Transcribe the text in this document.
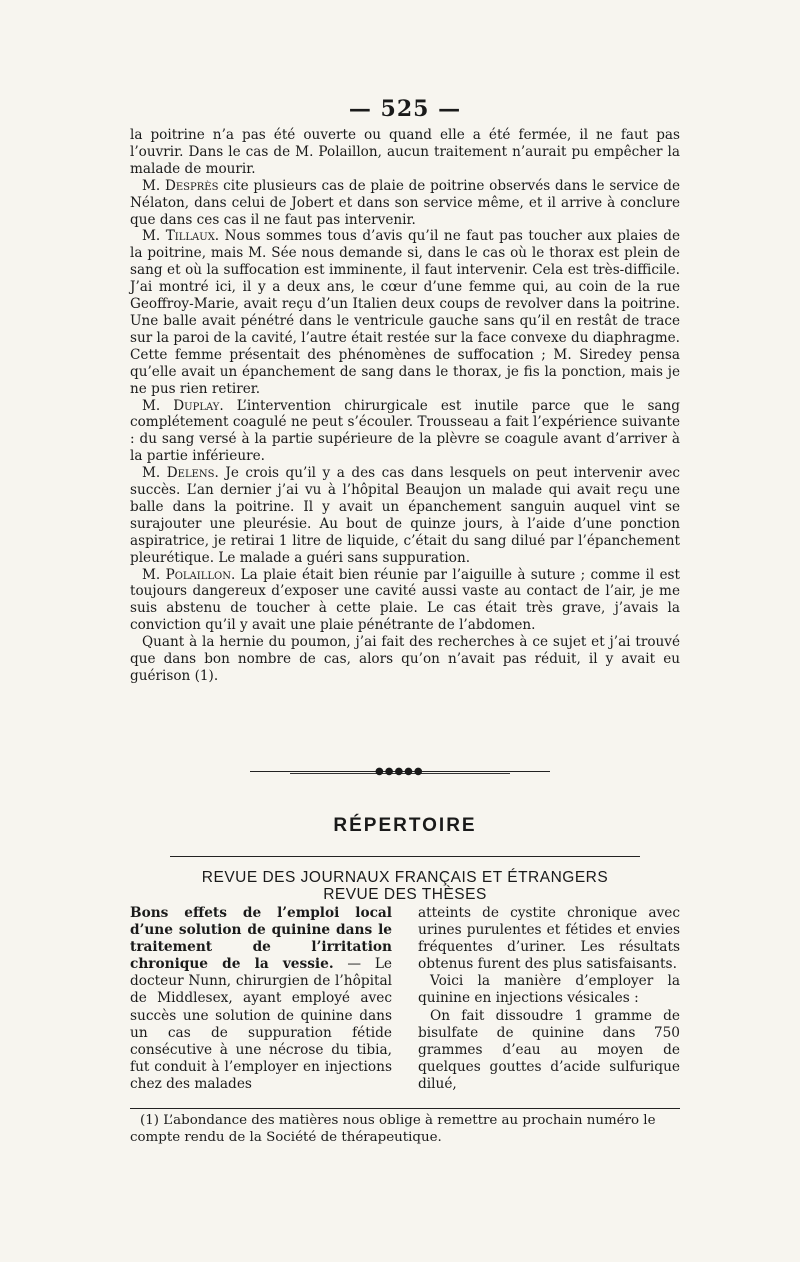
— 525 —

la poitrine n’a pas été ouverte ou quand elle a été fermée, il ne faut pas l’ouvrir. Dans le cas de M. Polaillon, aucun traitement n’aurait pu empêcher la malade de mourir.

M. Desprès cite plusieurs cas de plaie de poitrine observés dans le service de Nélaton, dans celui de Jobert et dans son service même, et il arrive à conclure que dans ces cas il ne faut pas intervenir.

M. Tillaux. Nous sommes tous d’avis qu’il ne faut pas toucher aux plaies de la poitrine, mais M. Sée nous demande si, dans le cas où le thorax est plein de sang et où la suffocation est imminente, il faut intervenir. Cela est très-difficile. J’ai montré ici, il y a deux ans, le cœur d’une femme qui, au coin de la rue Geoffroy-Marie, avait reçu d’un Italien deux coups de revolver dans la poitrine. Une balle avait pénétré dans le ventricule gauche sans qu’il en restât de trace sur la paroi de la cavité, l’autre était restée sur la face convexe du diaphragme. Cette femme présentait des phénomènes de suffocation ; M. Siredey pensa qu’elle avait un épanchement de sang dans le thorax, je fis la ponction, mais je ne pus rien retirer.

M. Duplay. L’intervention chirurgicale est inutile parce que le sang complétement coagulé ne peut s’écouler. Trousseau a fait l’expérience suivante : du sang versé à la partie supérieure de la plèvre se coagule avant d’arriver à la partie inférieure.

M. Delens. Je crois qu’il y a des cas dans lesquels on peut intervenir avec succès. L’an dernier j’ai vu à l’hôpital Beaujon un malade qui avait reçu une balle dans la poitrine. Il y avait un épanchement sanguin auquel vint se surajouter une pleurésie. Au bout de quinze jours, à l’aide d’une ponction aspiratrice, je retirai 1 litre de liquide, c’était du sang dilué par l’épanchement pleurétique. Le malade a guéri sans suppuration.

M. Polaillon. La plaie était bien réunie par l’aiguille à suture ; comme il est toujours dangereux d’exposer une cavité aussi vaste au contact de l’air, je me suis abstenu de toucher à cette plaie. Le cas était très grave, j’avais la conviction qu’il y avait une plaie pénétrante de l’abdomen.

Quant à la hernie du poumon, j’ai fait des recherches à ce sujet et j’ai trouvé que dans bon nombre de cas, alors qu’on n’avait pas réduit, il y avait eu guérison (1).

●●●●●
RÉPERTOIRE
REVUE DES JOURNAUX FRANÇAIS ET ÉTRANGERS
REVUE DES THÈSES

Bons effets de l’emploi local d’une solution de quinine dans le traitement de l’irritation chronique de la vessie. — Le docteur Nunn, chirurgien de l’hôpital de Middlesex, ayant employé avec succès une solution de quinine dans un cas de suppuration fétide consécutive à une nécrose du tibia, fut conduit à l’employer en injections chez des malades

atteints de cystite chronique avec urines purulentes et fétides et envies fréquentes d’uriner. Les résultats obtenus furent des plus satisfaisants.

Voici la manière d’employer la quinine en injections vésicales :

On fait dissoudre 1 gramme de bisulfate de quinine dans 750 grammes d’eau au moyen de quelques gouttes d’acide sulfurique dilué,

(1) L’abondance des matières nous oblige à remettre au prochain numéro le compte rendu de la Société de thérapeutique.
